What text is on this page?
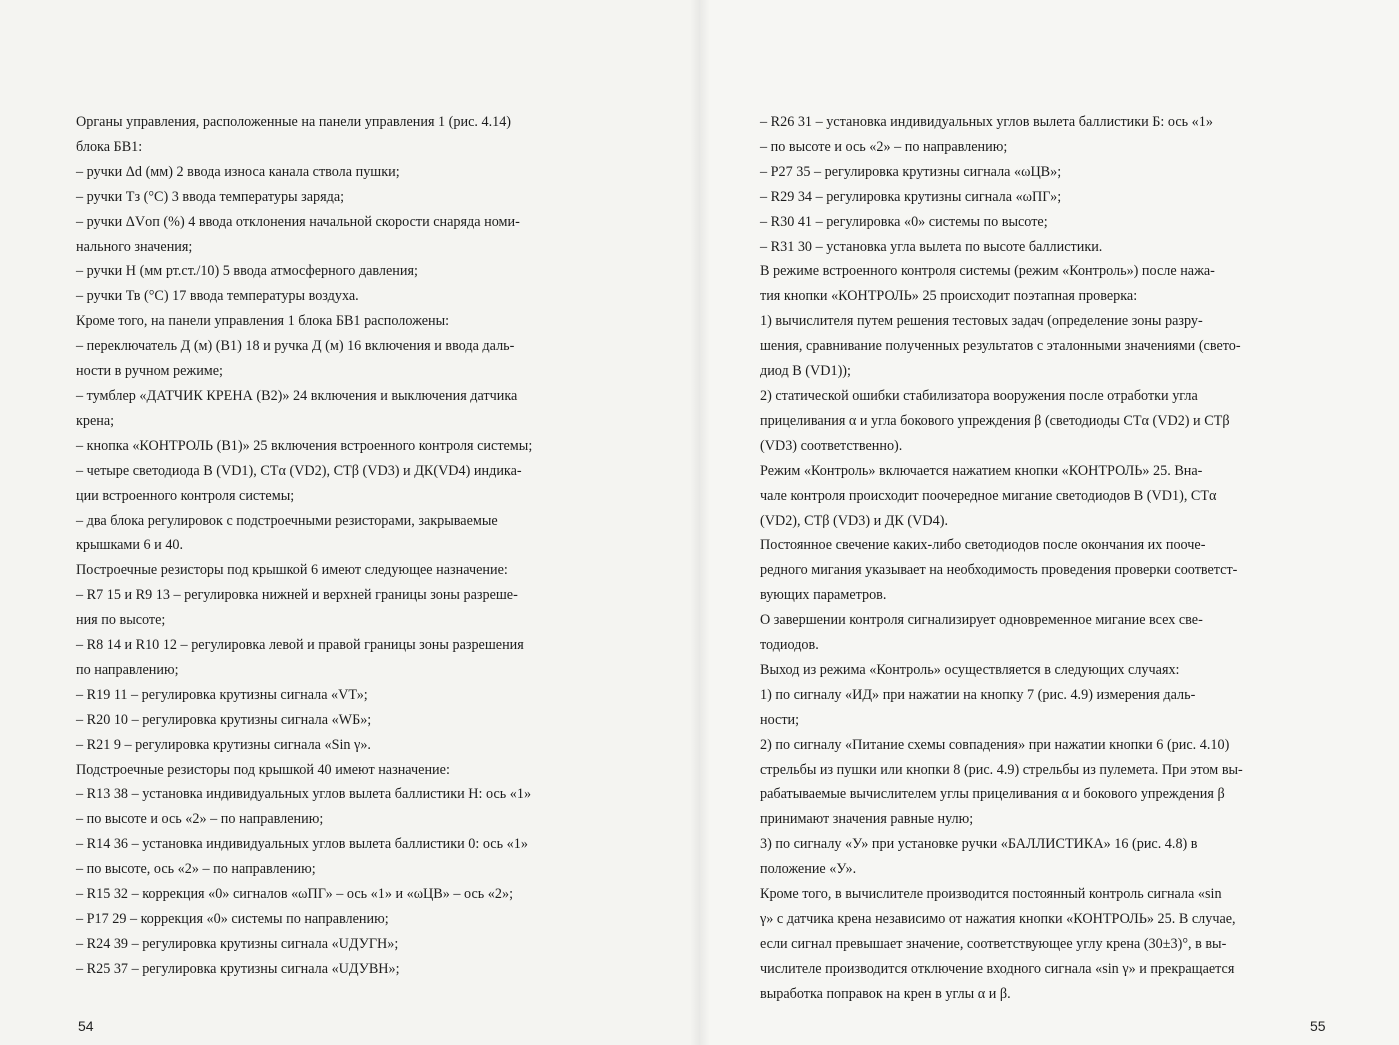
Органы управления, расположенные на панели управления 1 (рис. 4.14)
блока БВ1:
– ручки Δd (мм) 2 ввода износа канала ствола пушки;
– ручки Тз (°С) 3 ввода температуры заряда;
– ручки ΔVоп (%) 4 ввода отклонения начальной скорости снаряда номи-
нального значения;
– ручки Н (мм рт.ст./10) 5 ввода атмосферного давления;
– ручки Тв (°С) 17 ввода температуры воздуха.
Кроме того, на панели управления 1 блока БВ1 расположены:
– переключатель Д (м) (В1) 18 и ручка Д (м) 16 включения и ввода даль-
ности в ручном режиме;
– тумблер «ДАТЧИК КРЕНА (В2)» 24 включения и выключения датчика
крена;
– кнопка «КОНТРОЛЬ (В1)» 25 включения встроенного контроля системы;
– четыре светодиода В (VD1), СТα (VD2), СТβ (VD3) и ДК(VD4) индика-
ции встроенного контроля системы;
– два блока регулировок с подстроечными резисторами, закрываемые
крышками 6 и 40.
Построечные резисторы под крышкой 6 имеют следующее назначение:
– R7 15 и R9 13 – регулировка нижней и верхней границы зоны разреше-
ния по высоте;
– R8 14 и R10 12 – регулировка левой и правой границы зоны разрешения
по направлению;
– R19 11 – регулировка крутизны сигнала «VТ»;
– R20 10 – регулировка крутизны сигнала «WБ»;
– R21 9 – регулировка крутизны сигнала «Sin γ».
Подстроечные резисторы под крышкой 40 имеют назначение:
– R13 38 – установка индивидуальных углов вылета баллистики Н: ось «1»
– по высоте и ось «2» – по направлению;
– R14 36 – установка индивидуальных углов вылета баллистики 0: ось «1»
– по высоте, ось «2» – по направлению;
– R15 32 – коррекция «0» сигналов «ωПГ» – ось «1» и «ωЦВ» – ось «2»;
– Р17 29 – коррекция «0» системы по направлению;
– R24 39 – регулировка крутизны сигнала «UДУГН»;
– R25 37 – регулировка крутизны сигнала «UДУВН»;

54

– R26 31 – установка индивидуальных углов вылета баллистики Б: ось «1»
– по высоте и ось «2» – по направлению;
– Р27 35 – регулировка крутизны сигнала «ωЦВ»;
– R29 34 – регулировка крутизны сигнала «ωПГ»;
– R30 41 – регулировка «0» системы по высоте;
– R31 30 – установка угла вылета по высоте баллистики.
В режиме встроенного контроля системы (режим «Контроль») после нажа-
тия кнопки «КОНТРОЛЬ» 25 происходит поэтапная проверка:
1) вычислителя путем решения тестовых задач (определение зоны разру-
шения, сравнивание полученных результатов с эталонными значениями (свето-
диод В (VD1));
2) статической ошибки стабилизатора вооружения после отработки угла
прицеливания α и угла бокового упреждения β (светодиоды СТα (VD2) и СТβ
(VD3) соответственно).
Режим «Контроль» включается нажатием кнопки «КОНТРОЛЬ» 25. Вна-
чале контроля происходит поочередное мигание светодиодов В (VD1), СТα
(VD2), СТβ (VD3) и ДК (VD4).
Постоянное свечение каких-либо светодиодов после окончания их пооче-
редного мигания указывает на необходимость проведения проверки соответст-
вующих параметров.
О завершении контроля сигнализирует одновременное мигание всех све-
тодиодов.
Выход из режима «Контроль» осуществляется в следующих случаях:
1) по сигналу «ИД» при нажатии на кнопку 7 (рис. 4.9) измерения даль-
ности;
2) по сигналу «Питание схемы совпадения» при нажатии кнопки 6 (рис. 4.10)
стрельбы из пушки или кнопки 8 (рис. 4.9) стрельбы из пулемета. При этом вы-
рабатываемые вычислителем углы прицеливания α и бокового упреждения β
принимают значения равные нулю;
3) по сигналу «У» при установке ручки «БАЛЛИСТИКА» 16 (рис. 4.8) в
положение «У».
Кроме того, в вычислителе производится постоянный контроль сигнала «sin
γ» с датчика крена независимо от нажатия кнопки «КОНТРОЛЬ» 25. В случае,
если сигнал превышает значение, соответствующее углу крена (30±3)°, в вы-
числителе производится отключение входного сигнала «sin γ» и прекращается
выработка поправок на крен в углы α и β.

55
